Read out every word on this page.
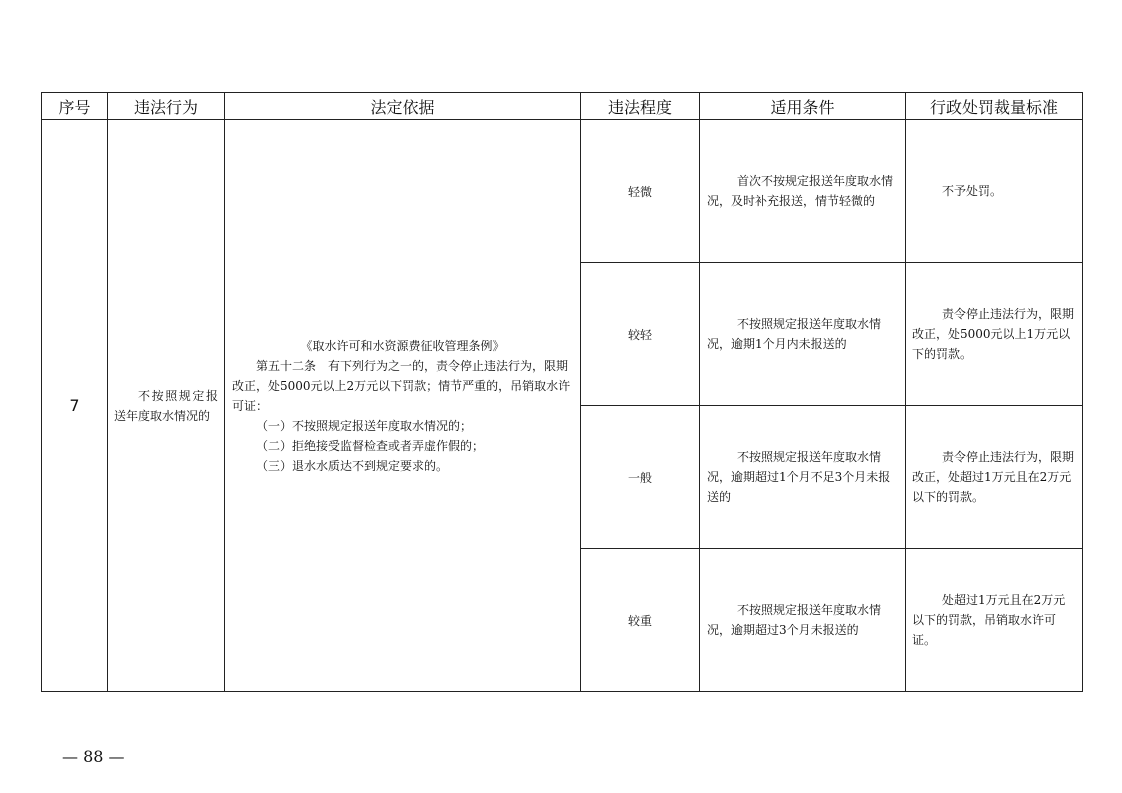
序号	违法行为	法定依据	违法程度	适用条件	行政处罚裁量标准
7	不按照规定报送年度取水情况的	《取水许可和水资源费征收管理条例》
第五十二条　有下列行为之一的，责令停止违法行为，限期改正，处5000元以上2万元以下罚款；情节严重的，吊销取水许可证：
（一）不按照规定报送年度取水情况的；
（二）拒绝接受监督检查或者弄虚作假的；
（三）退水水质达不到规定要求的。	轻微	首次不按规定报送年度取水情况，及时补充报送，情节轻微的	不予处罚。
			较轻	不按照规定报送年度取水情况，逾期1个月内未报送的	责令停止违法行为，限期改正，处5000元以上1万元以下的罚款。
			一般	不按照规定报送年度取水情况，逾期超过1个月不足3个月未报送的	责令停止违法行为，限期改正，处超过1万元且在2万元以下的罚款。
			较重	不按照规定报送年度取水情况，逾期超过3个月未报送的	处超过1万元且在2万元以下的罚款，吊销取水许可证。
— 88 —
